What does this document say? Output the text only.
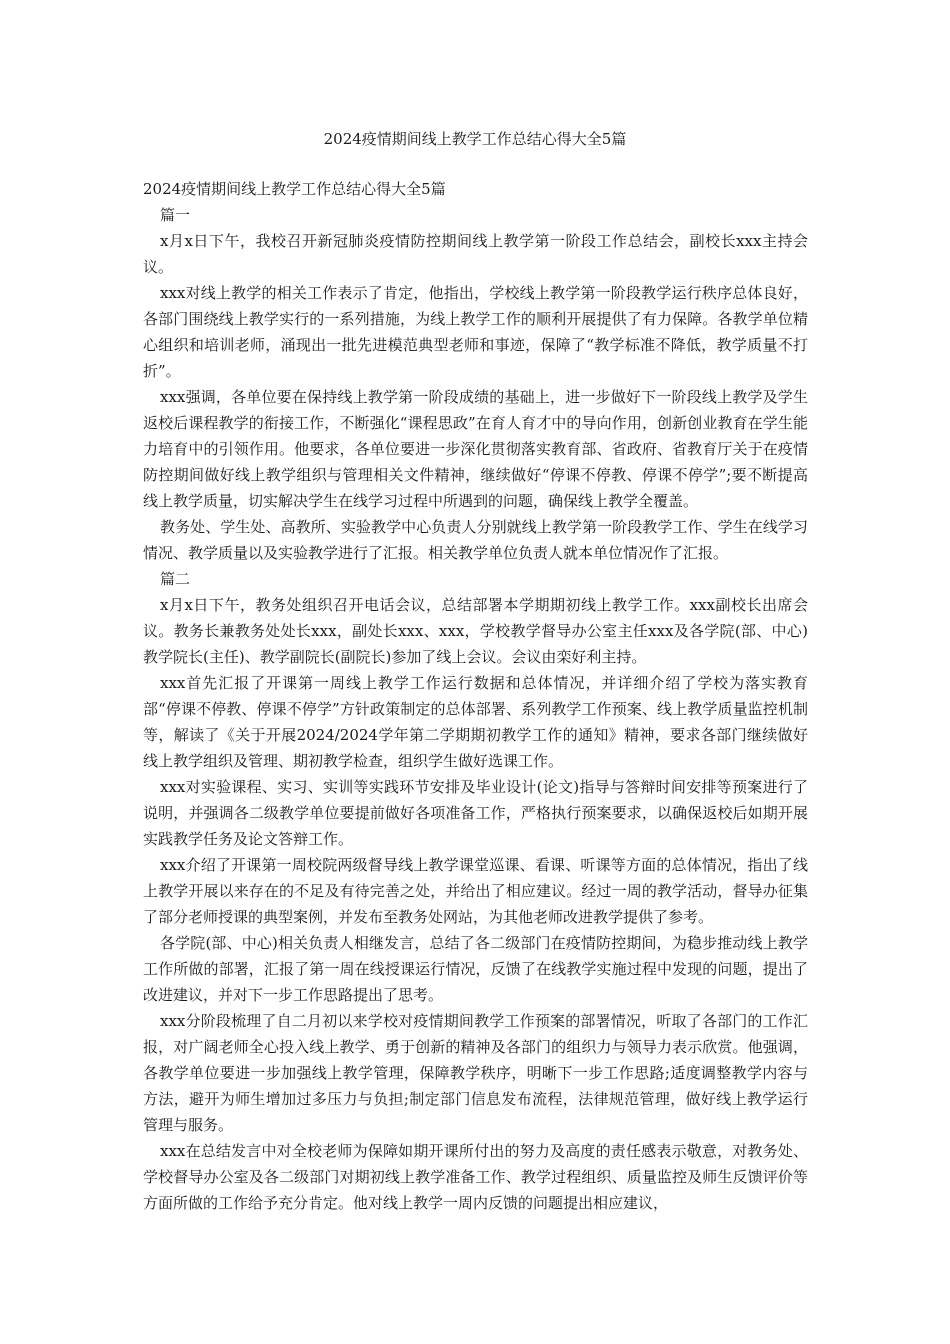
2024疫情期间线上教学工作总结心得大全5篇

2024疫情期间线上教学工作总结心得大全5篇

篇一

x月x日下午，我校召开新冠肺炎疫情防控期间线上教学第一阶段工作总结会，副校长xxx主持会议。

xxx对线上教学的相关工作表示了肯定，他指出，学校线上教学第一阶段教学运行秩序总体良好，各部门围绕线上教学实行的一系列措施，为线上教学工作的顺利开展提供了有力保障。各教学单位精心组织和培训老师，涌现出一批先进模范典型老师和事迹，保障了“教学标准不降低，教学质量不打折”。

xxx强调，各单位要在保持线上教学第一阶段成绩的基础上，进一步做好下一阶段线上教学及学生返校后课程教学的衔接工作，不断强化“课程思政”在育人育才中的导向作用，创新创业教育在学生能力培育中的引领作用。他要求，各单位要进一步深化贯彻落实教育部、省政府、省教育厅关于在疫情防控期间做好线上教学组织与管理相关文件精神，继续做好“停课不停教、停课不停学”;要不断提高线上教学质量，切实解决学生在线学习过程中所遇到的问题，确保线上教学全覆盖。

教务处、学生处、高教所、实验教学中心负责人分别就线上教学第一阶段教学工作、学生在线学习情况、教学质量以及实验教学进行了汇报。相关教学单位负责人就本单位情况作了汇报。

篇二

x月x日下午，教务处组织召开电话会议，总结部署本学期期初线上教学工作。xxx副校长出席会议。教务长兼教务处处长xxx，副处长xxx、xxx，学校教学督导办公室主任xxx及各学院(部、中心)教学院长(主任)、教学副院长(副院长)参加了线上会议。会议由栾好利主持。

xxx首先汇报了开课第一周线上教学工作运行数据和总体情况，并详细介绍了学校为落实教育部“停课不停教、停课不停学”方针政策制定的总体部署、系列教学工作预案、线上教学质量监控机制等，解读了《关于开展2024/2024学年第二学期期初教学工作的通知》精神，要求各部门继续做好线上教学组织及管理、期初教学检查，组织学生做好选课工作。

xxx对实验课程、实习、实训等实践环节安排及毕业设计(论文)指导与答辩时间安排等预案进行了说明，并强调各二级教学单位要提前做好各项准备工作，严格执行预案要求，以确保返校后如期开展实践教学任务及论文答辩工作。

xxx介绍了开课第一周校院两级督导线上教学课堂巡课、看课、听课等方面的总体情况，指出了线上教学开展以来存在的不足及有待完善之处，并给出了相应建议。经过一周的教学活动，督导办征集了部分老师授课的典型案例，并发布至教务处网站，为其他老师改进教学提供了参考。

各学院(部、中心)相关负责人相继发言，总结了各二级部门在疫情防控期间，为稳步推动线上教学工作所做的部署，汇报了第一周在线授课运行情况，反馈了在线教学实施过程中发现的问题，提出了改进建议，并对下一步工作思路提出了思考。

xxx分阶段梳理了自二月初以来学校对疫情期间教学工作预案的部署情况，听取了各部门的工作汇报，对广阔老师全心投入线上教学、勇于创新的精神及各部门的组织力与领导力表示欣赏。他强调，各教学单位要进一步加强线上教学管理，保障教学秩序，明晰下一步工作思路;适度调整教学内容与方法，避开为师生增加过多压力与负担;制定部门信息发布流程，法律规范管理，做好线上教学运行管理与服务。

xxx在总结发言中对全校老师为保障如期开课所付出的努力及高度的责任感表示敬意，对教务处、学校督导办公室及各二级部门对期初线上教学准备工作、教学过程组织、质量监控及师生反馈评价等方面所做的工作给予充分肯定。他对线上教学一周内反馈的问题提出相应建议，
